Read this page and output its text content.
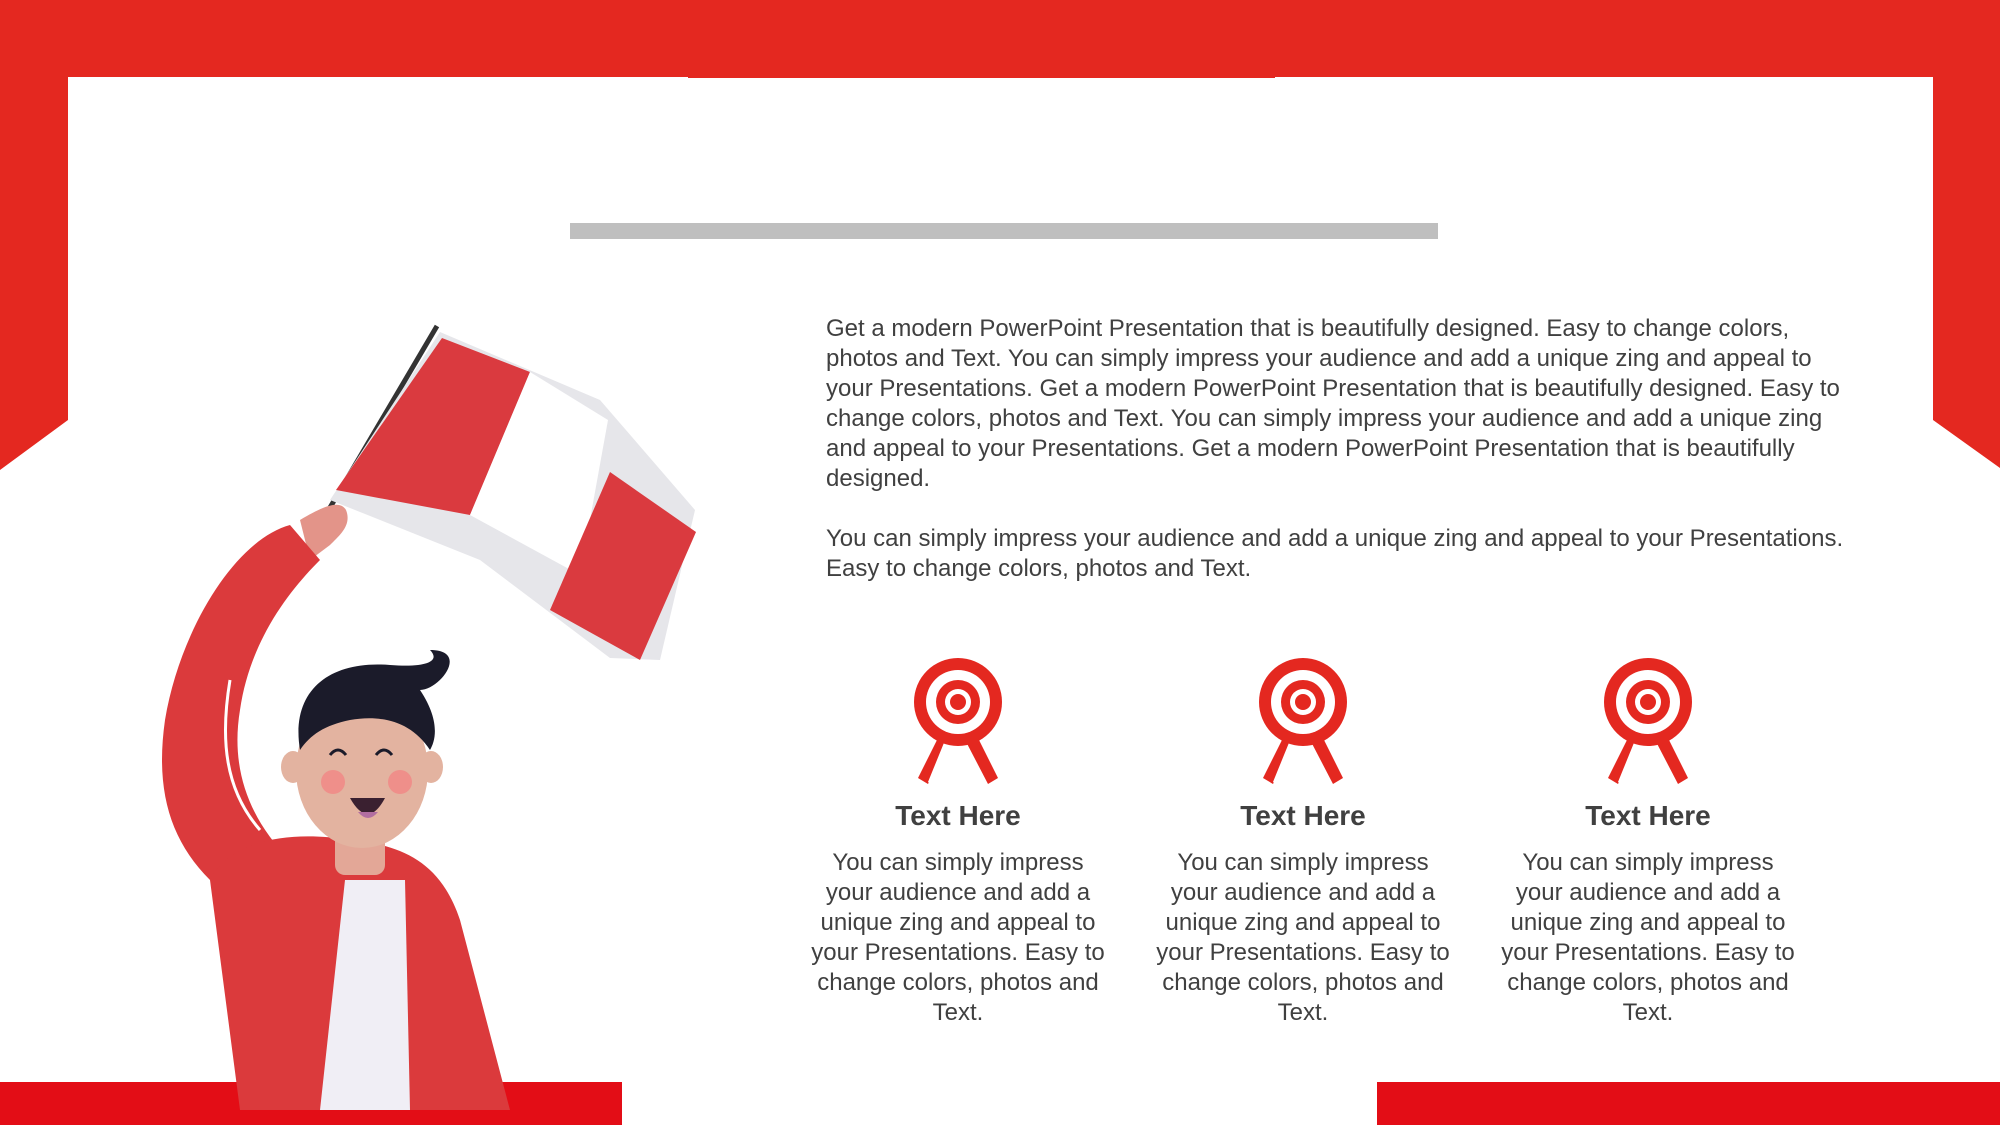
Get a modern PowerPoint Presentation that is beautifully designed. Easy to change colors, photos and Text. You can simply impress your audience and add a unique zing and appeal to your Presentations. Get a modern PowerPoint Presentation that is beautifully designed. Easy to change colors, photos and Text. You can simply impress your audience and add a unique zing and appeal to your Presentations. Get a modern PowerPoint Presentation that is beautifully designed.

You can simply impress your audience and add a unique zing and appeal to your Presentations. Easy to change colors, photos and Text.

Text Here
You can simply impress your audience and add a unique zing and appeal to your Presentations. Easy to change colors, photos and Text.
Text Here
You can simply impress your audience and add a unique zing and appeal to your Presentations. Easy to change colors, photos and Text.
Text Here
You can simply impress your audience and add a unique zing and appeal to your Presentations. Easy to change colors, photos and Text.
